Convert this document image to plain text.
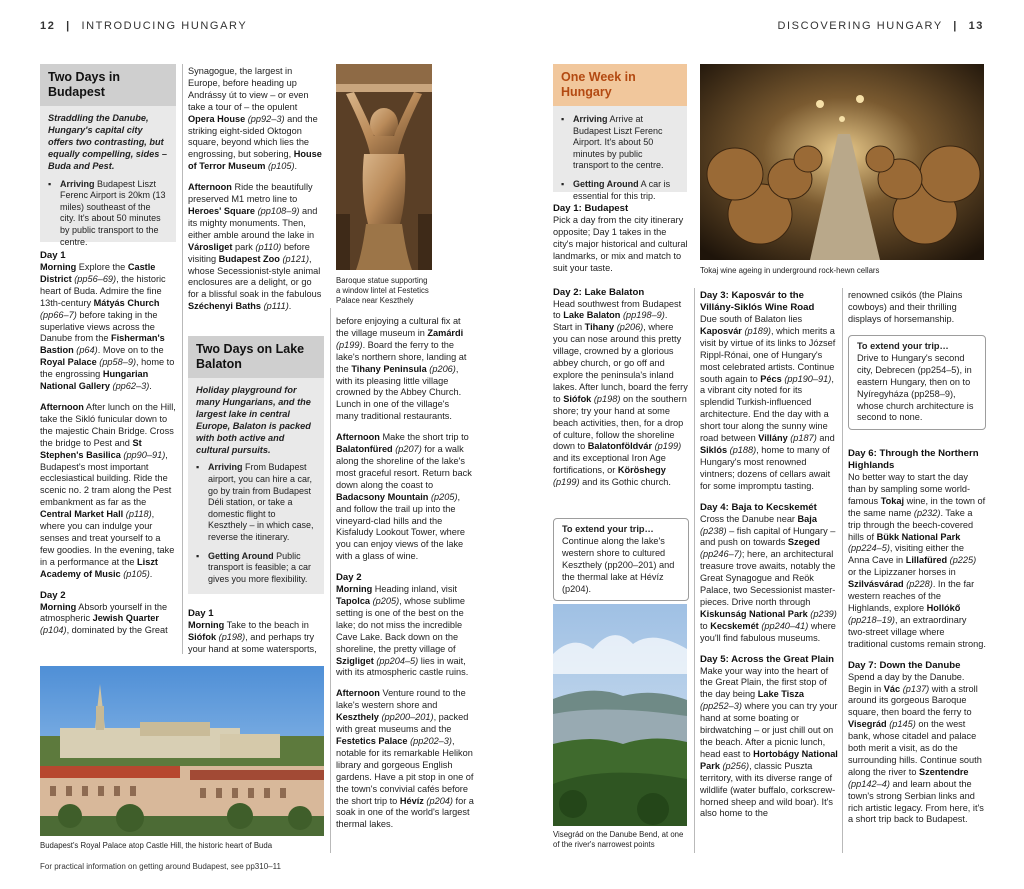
12 | INTRODUCING HUNGARY	DISCOVERING HUNGARY | 13
Two Days in Budapest
Straddling the Danube, Hungary's capital city offers two contrasting, but equally compelling, sides – Buda and Pest.
▪ Arriving Budapest Liszt Ferenc Airport is 20km (13 miles) southeast of the city. It's about 50 minutes by public transport to the centre.
Day 1

Morning Explore the Castle District (pp56–69), the historic heart of Buda. Admire the fine 13th-century Mátyás Church (pp66–7) before taking in the superlative views across the Danube from the Fisherman's Bastion (p64). Move on to the Royal Palace (pp58–9), home to the engrossing Hungarian National Gallery (pp62–3).

Afternoon After lunch on the Hill, take the Sikló funicular down to the majestic Chain Bridge. Cross the bridge to Pest and St Stephen's Basilica (pp90–91), Budapest's most important ecclesiastical building. Ride the scenic no. 2 tram along the Pest embankment as far as the Central Market Hall (p118), where you can indulge your senses and treat yourself to a few goodies. In the evening, take in a performance at the Liszt Academy of Music (p105).

Day 2

Morning Absorb yourself in the atmospheric Jewish Quarter (p104), dominated by the Great

Synagogue, the largest in Europe, before heading up Andrássy út to view – or even take a tour of – the opulent Opera House (pp92–3) and the striking eight-sided Oktogon square, beyond which lies the engrossing, but sobering, House of Terror Museum (p105).

Afternoon Ride the beautifully preserved M1 metro line to Heroes' Square (pp108–9) and its mighty monuments. Then, either amble around the lake in Városliget park (p110) before visiting Budapest Zoo (p121), whose Secessionist-style animal enclosures are a delight, or go for a blissful soak in the fabulous Széchenyi Baths (p111).

Baroque statue supporting a window lintel at Festetics Palace near Keszthely
Two Days on Lake Balaton
Holiday playground for many Hungarians, and the largest lake in central Europe, Balaton is packed with both active and cultural pursuits.
▪ Arriving From Budapest airport, you can hire a car, go by train from Budapest Déli station, or take a domestic flight to Keszthely – in which case, reverse the itinerary.
▪ Getting Around Public transport is feasible; a car gives you more flexibility.
Day 1

Morning Take to the beach in Siófok (p198), and perhaps try your hand at some watersports,

before enjoying a cultural fix at the village museum in Zamárdi (p199). Board the ferry to the lake's northern shore, landing at the Tihany Peninsula (p206), with its pleasing little village crowned by the Abbey Church. Lunch in one of the village's many traditional restaurants.

Afternoon Make the short trip to Balatonfüred (p207) for a walk along the shoreline of the lake's most graceful resort. Return back down along the coast to Badacsony Mountain (p205), and follow the trail up into the vineyard-clad hills and the Kisfaludy Lookout Tower, where you can enjoy views of the lake with a glass of wine.

Day 2

Morning Heading inland, visit Tapolca (p205), whose sublime setting is one of the best on the lake; do not miss the incredible Cave Lake. Back down on the shoreline, the pretty village of Szigliget (pp204–5) lies in wait, with its atmospheric castle ruins.

Afternoon Venture round to the lake's western shore and Keszthely (pp200–201), packed with great museums and the Festetics Palace (pp202–3), notable for its remarkable Helikon library and gorgeous English gardens. Have a pit stop in one of the town's convivial cafés before the short trip to Hévíz (p204) for a soak in one of the world's largest thermal lakes.

Budapest's Royal Palace atop Castle Hill, the historic heart of Buda
For practical information on getting around Budapest, see pp310–11
One Week in Hungary
▪ Arriving Arrive at Budapest Liszt Ferenc Airport. It's about 50 minutes by public transport to the centre.
▪ Getting Around A car is essential for this trip.
Day 1: Budapest

Pick a day from the city itinerary opposite; Day 1 takes in the city's major historical and cultural landmarks, or mix and match to suit your taste.

Day 2: Lake Balaton

Head southwest from Budapest to Lake Balaton (pp198–9). Start in Tihany (p206), where you can nose around this pretty village, crowned by a glorious abbey church, or go off and explore the peninsula's inland lakes. After lunch, board the ferry to Siófok (p198) on the southern shore; try your hand at some beach activities, then, for a drop of culture, follow the shoreline down to Balatonföldvár (p199) and its exceptional Iron Age fortifications, or Köröshegy (p199) and its Gothic church.

To extend your trip…
Continue along the lake's western shore to cultured Keszthely (pp200–201) and the thermal lake at Hévíz (p204).
Visegrád on the Danube Bend, at one of the river's narrowest points
Tokaj wine ageing in underground rock-hewn cellars
Day 3: Kaposvár to the Villány-Siklós Wine Road

Due south of Balaton lies Kaposvár (p189), which merits a visit by virtue of its links to József Rippl-Rónai, one of Hungary's most celebrated artists. Continue south again to Pécs (pp190–91), a vibrant city noted for its splendid Turkish-influenced architecture. End the day with a short tour along the sunny wine road between Villány (p187) and Siklós (p188), home to many of Hungary's most renowned vintners; dozens of cellars await for some impromptu tasting.

Day 4: Baja to Kecskemét

Cross the Danube near Baja (p238) – fish capital of Hungary – and push on towards Szeged (pp246–7); here, an architectural treasure trove awaits, notably the Great Synagogue and Reök Palace, two Secessionist master-pieces. Drive north through Kiskunság National Park (p239) to Kecskemét (pp240–41) where you'll find fabulous museums.

Day 5: Across the Great Plain

Make your way into the heart of the Great Plain, the first stop of the day being Lake Tisza (pp252–3) where you can try your hand at some boating or birdwatching – or just chill out on the beach. After a picnic lunch, head east to Hortobágy National Park (p256), classic Puszta territory, with its diverse range of wildlife (water buffalo, corkscrew-horned sheep and wild boar). It's also home to the

renowned csikós (the Plains cowboys) and their thrilling displays of horsemanship.

To extend your trip…
Drive to Hungary's second city, Debrecen (pp254–5), in eastern Hungary, then on to Nyíregyháza (pp258–9), whose church architecture is second to none.
Day 6: Through the Northern Highlands

No better way to start the day than by sampling some world-famous Tokaj wine, in the town of the same name (p232). Take a trip through the beech-covered hills of Bükk National Park (pp224–5), visiting either the Anna Cave in Lillafüred (p225) or the Lipizzaner horses in Szilvásvárad (p228). In the far western reaches of the Highlands, explore Hollókő (pp218–19), an extraordinary two-street village where traditional customs remain strong.

Day 7: Down the Danube

Spend a day by the Danube. Begin in Vác (p137) with a stroll around its gorgeous Baroque square, then board the ferry to Visegrád (p145) on the west bank, whose citadel and palace both merit a visit, as do the surrounding hills. Continue south along the river to Szentendre (pp142–4) and learn about the town's strong Serbian links and rich artistic legacy. From here, it's a short trip back to Budapest.
